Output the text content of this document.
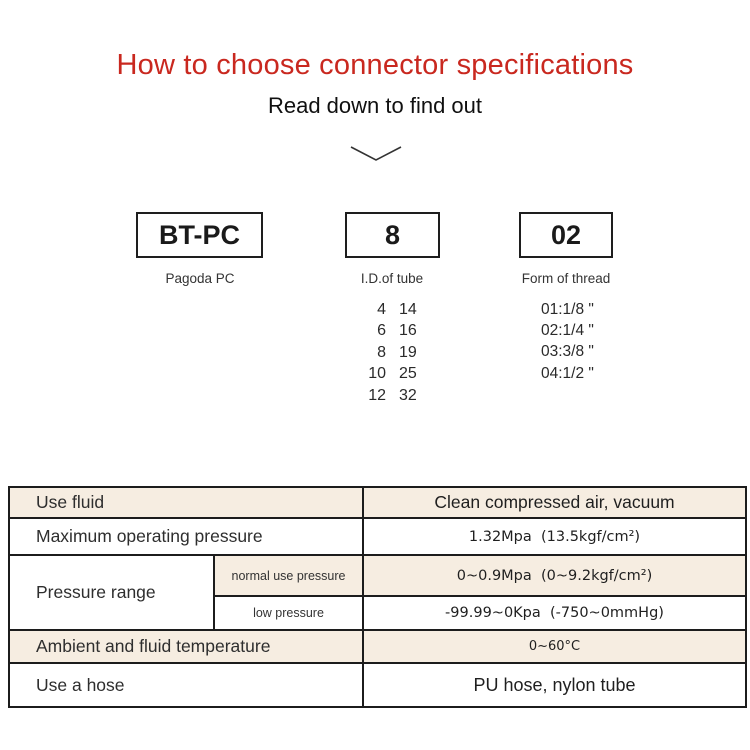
How to choose connector specifications
Read down to find out
BT-PC	8	02
Pagoda PC	I.D.of tube	Form of thread
4 14
6 16
8 19
10 25
12 32
01:1/8 "
02:1/4 "
03:3/8 "
04:1/2 "
Use fluid		Clean compressed air, vacuum
Maximum operating pressure		1.32Mpa  (13.5kgf/cm²)
Pressure range	normal use pressure	0~0.9Mpa  (0~9.2kgf/cm²)
	low pressure	-99.99~0Kpa  (-750~0mmHg)
Ambient and fluid temperature		0~60°C
Use a hose		PU hose, nylon tube
